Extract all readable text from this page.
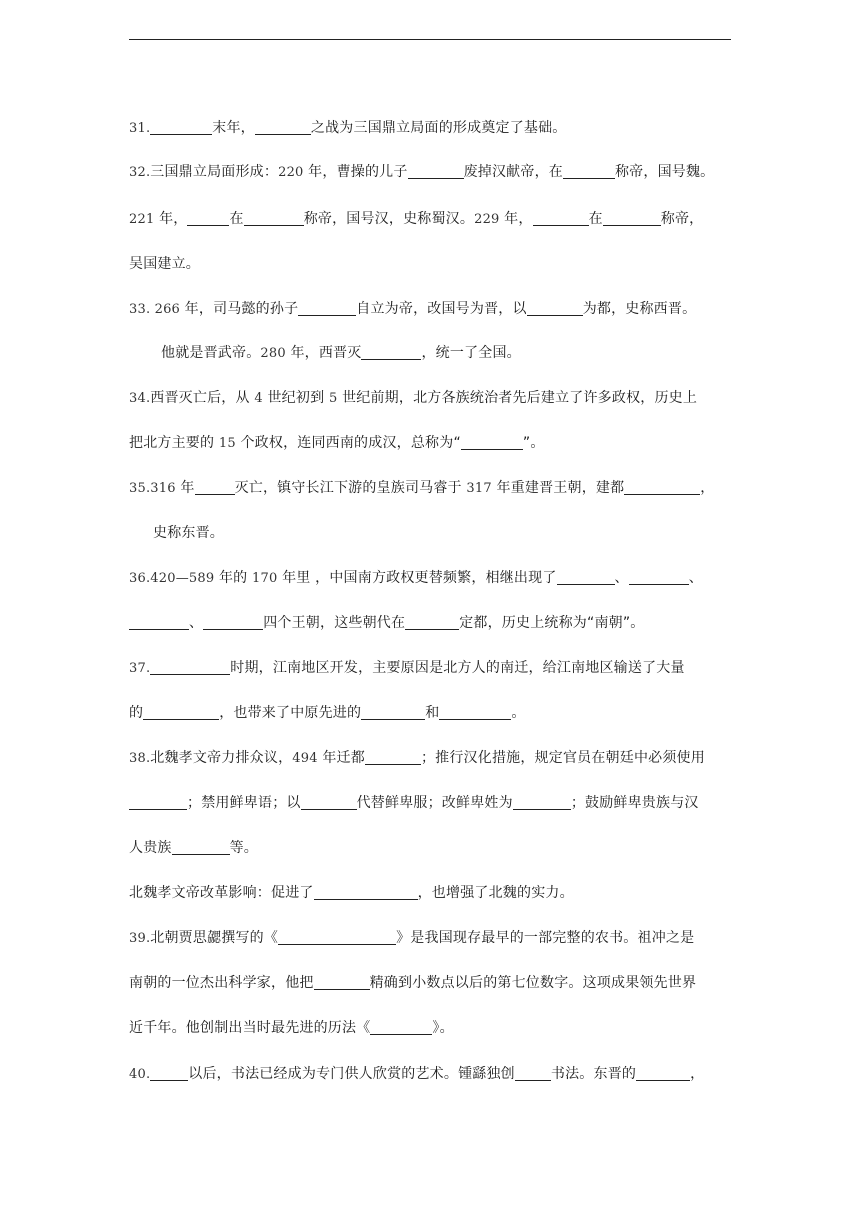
31.	末年，	之战为三国鼎立局面的形成奠定了基础。
32.三国鼎立局面形成：220 年，曹操的儿子	废掉汉献帝，在	称帝，国号魏。
221 年，	在	称帝，国号汉，史称蜀汉。229 年，	在	称帝，
吴国建立。
33. 266 年，司马懿的孙子	自立为帝，改国号为晋，以	为都，史称西晋。
他就是晋武帝。280 年，西晋灭	，统一了全国。
34.西晋灭亡后，从 4 世纪初到 5 世纪前期，北方各族统治者先后建立了许多政权，历史上
把北方主要的 15 个政权，连同西南的成汉，总称为“	”。
35.316 年	灭亡，镇守长江下游的皇族司马睿于 317 年重建晋王朝，建都	，
史称东晋。
36.420—589 年的 170 年里 ，中国南方政权更替频繁，相继出现了	、	、
、	四个王朝，这些朝代在	定都，历史上统称为“南朝”。
37.	时期，江南地区开发，主要原因是北方人的南迁，给江南地区输送了大量
的	，也带来了中原先进的	和	。
38.北魏孝文帝力排众议，494 年迁都	；推行汉化措施，规定官员在朝廷中必须使用
；禁用鲜卑语；以	代替鲜卑服；改鲜卑姓为	；鼓励鲜卑贵族与汉
人贵族	等。
北魏孝文帝改革影响：促进了	，也增强了北魏的实力。
39.北朝贾思勰撰写的《	》是我国现存最早的一部完整的农书。祖冲之是
南朝的一位杰出科学家，他把	精确到小数点以后的第七位数字。这项成果领先世界
近千年。他创制出当时最先进的历法《	》。
40.	以后，书法已经成为专门供人欣赏的艺术。锺繇独创	书法。东晋的	，
